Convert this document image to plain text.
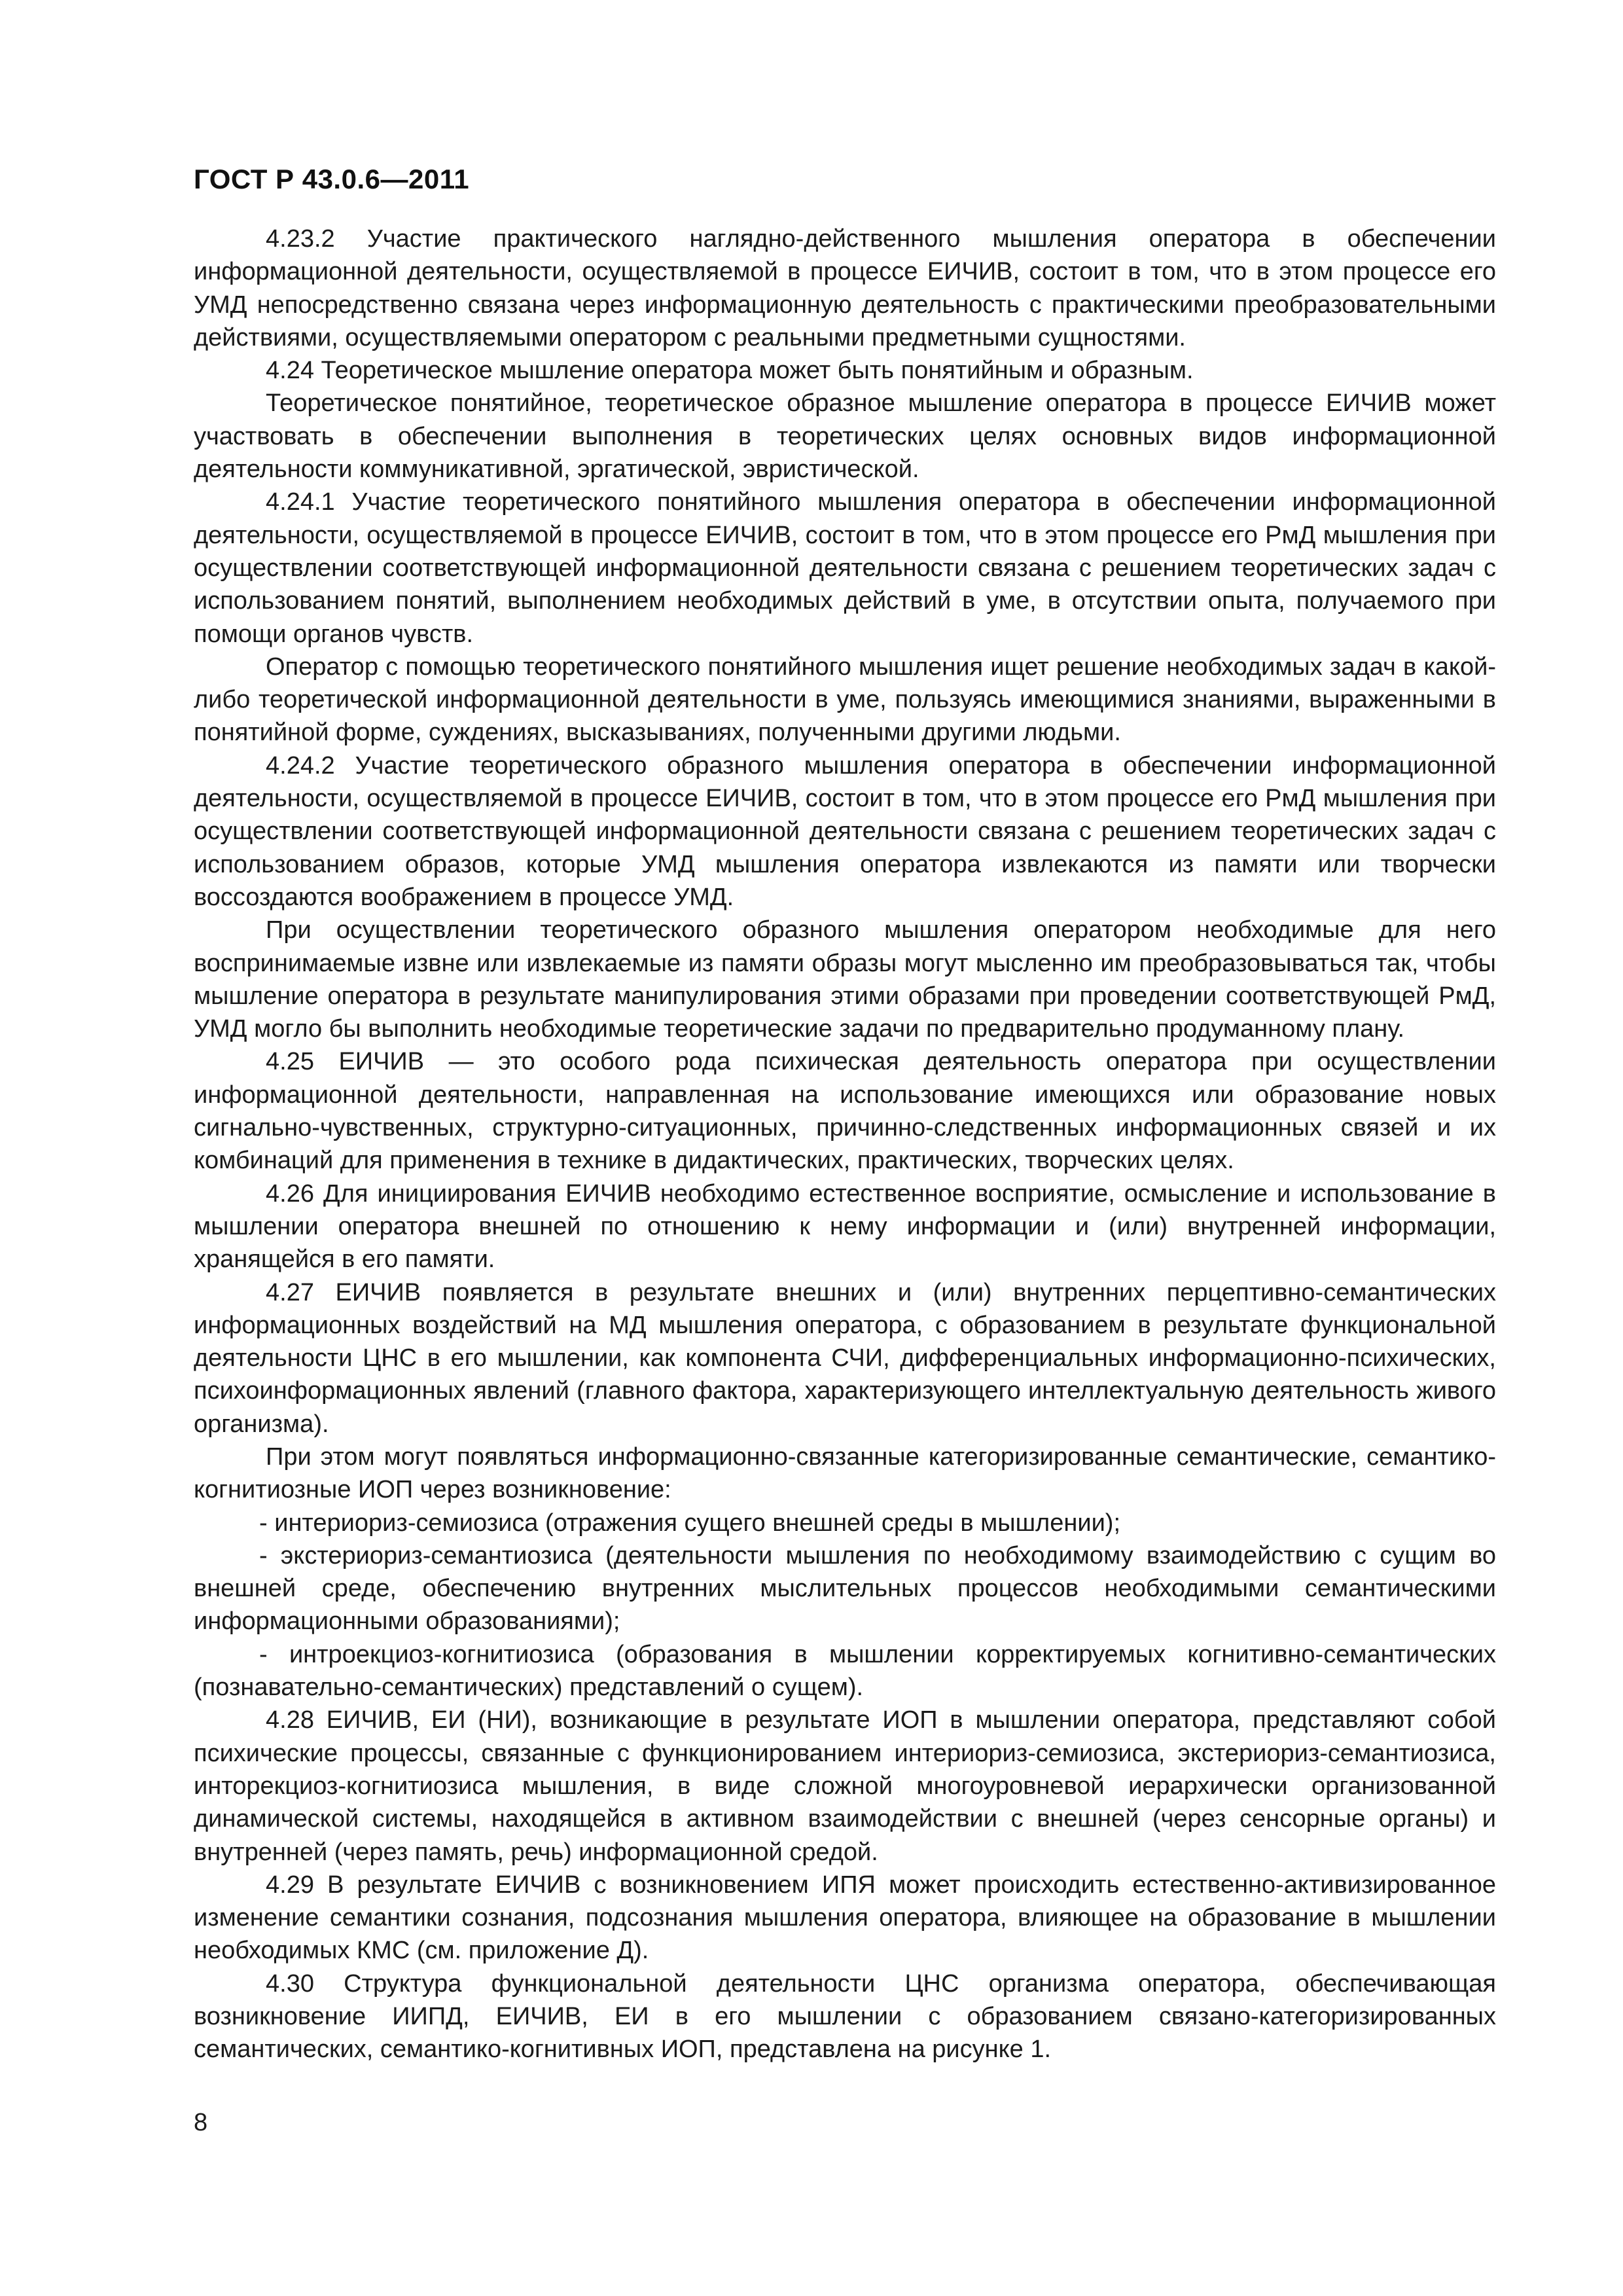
ГОСТ Р 43.0.6—2011

4.23.2 Участие практического наглядно-действенного мышления оператора в обеспечении информационной деятельности, осуществляемой в процессе ЕИЧИВ, состоит в том, что в этом процессе его УМД непосредственно связана через информационную деятельность с практическими преобразовательными действиями, осуществляемыми оператором с реальными предметными сущностями.

4.24 Теоретическое мышление оператора может быть понятийным и образным.

Теоретическое понятийное, теоретическое образное мышление оператора в процессе ЕИЧИВ может участвовать в обеспечении выполнения в теоретических целях основных видов информационной деятельности коммуникативной, эргатической, эвристической.

4.24.1 Участие теоретического понятийного мышления оператора в обеспечении информационной деятельности, осуществляемой в процессе ЕИЧИВ, состоит в том, что в этом процессе его РмД мышления при осуществлении соответствующей информационной деятельности связана с решением теоретических задач с использованием понятий, выполнением необходимых действий в уме, в отсутствии опыта, получаемого при помощи органов чувств.

Оператор с помощью теоретического понятийного мышления ищет решение необходимых задач в какой-либо теоретической информационной деятельности в уме, пользуясь имеющимися знаниями, выраженными в понятийной форме, суждениях, высказываниях, полученными другими людьми.

4.24.2 Участие теоретического образного мышления оператора в обеспечении информационной деятельности, осуществляемой в процессе ЕИЧИВ, состоит в том, что в этом процессе его РмД мышления при осуществлении соответствующей информационной деятельности связана с решением теоретических задач с использованием образов, которые УМД мышления оператора извлекаются из памяти или творчески воссоздаются воображением в процессе УМД.

При осуществлении теоретического образного мышления оператором необходимые для него воспринимаемые извне или извлекаемые из памяти образы могут мысленно им преобразовываться так, чтобы мышление оператора в результате манипулирования этими образами при проведении соответствующей РмД, УМД могло бы выполнить необходимые теоретические задачи по предварительно продуманному плану.

4.25 ЕИЧИВ — это особого рода психическая деятельность оператора при осуществлении информационной деятельности, направленная на использование имеющихся или образование новых сигнально-чувственных, структурно-ситуационных, причинно-следственных информационных связей и их комбинаций для применения в технике в дидактических, практических, творческих целях.

4.26 Для инициирования ЕИЧИВ необходимо естественное восприятие, осмысление и использование в мышлении оператора внешней по отношению к нему информации и (или) внутренней информации, хранящейся в его памяти.

4.27 ЕИЧИВ появляется в результате внешних и (или) внутренних перцептивно-семантических информационных воздействий на МД мышления оператора, с образованием в результате функциональной деятельности ЦНС в его мышлении, как компонента СЧИ, дифференциальных информационно-психических, психоинформационных явлений (главного фактора, характеризующего интеллектуальную деятельность живого организма).

При этом могут появляться информационно-связанные категоризированные семантические, семантико-когнитиозные ИОП через возникновение:

- интериориз-семиозиса (отражения сущего внешней среды в мышлении);

- экстериориз-семантиозиса (деятельности мышления по необходимому взаимодействию с сущим во внешней среде, обеспечению внутренних мыслительных процессов необходимыми семантическими информационными образованиями);

- интроекциоз-когнитиозиса (образования в мышлении корректируемых когнитивно-семантических (познавательно-семантических) представлений о сущем).

4.28 ЕИЧИВ, ЕИ (НИ), возникающие в результате ИОП в мышлении оператора, представляют собой психические процессы, связанные с функционированием интериориз-семиозиса, экстериориз-семантиозиса, инторекциоз-когнитиозиса мышления, в виде сложной многоуровневой иерархически организованной динамической системы, находящейся в активном взаимодействии с внешней (через сенсорные органы) и внутренней (через память, речь) информационной средой.

4.29 В результате ЕИЧИВ с возникновением ИПЯ может происходить естественно-активизированное изменение семантики сознания, подсознания мышления оператора, влияющее на образование в мышлении необходимых КМС (см. приложение Д).

4.30 Структура функциональной деятельности ЦНС организма оператора, обеспечивающая возникновение ИИПД, ЕИЧИВ, ЕИ в его мышлении с образованием связано-категоризированных семантических, семантико-когнитивных ИОП, представлена на рисунке 1.

8
